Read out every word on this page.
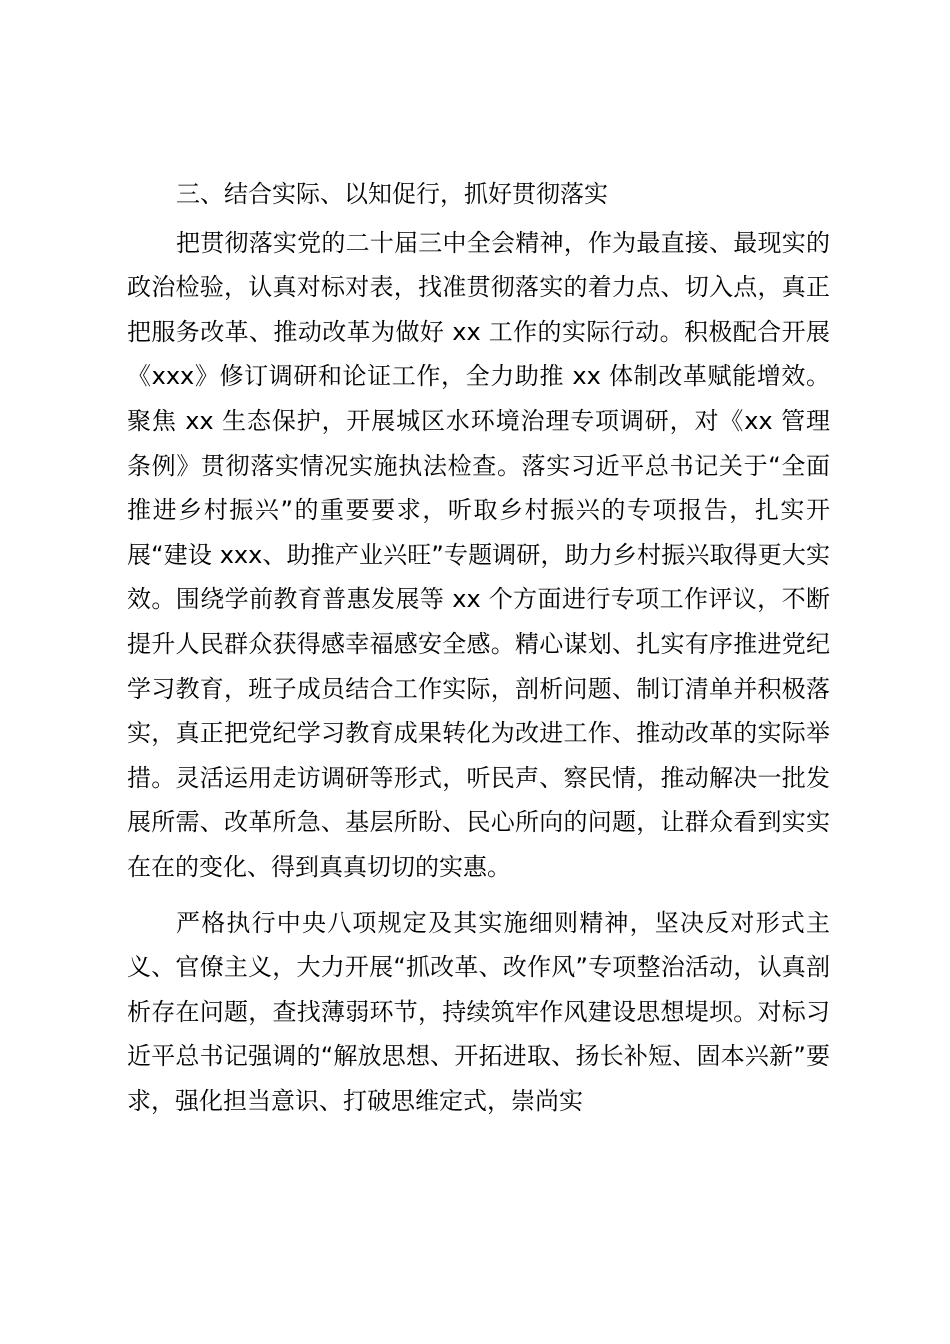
三、结合实际、以知促行，抓好贯彻落实

把贯彻落实党的二十届三中全会精神，作为最直接、最现实的政治检验，认真对标对表，找准贯彻落实的着力点、切入点，真正把服务改革、推动改革为做好 xx 工作的实际行动。积极配合开展《xxx》修订调研和论证工作，全力助推 xx 体制改革赋能增效。聚焦 xx 生态保护，开展城区水环境治理专项调研，对《xx 管理条例》贯彻落实情况实施执法检查。落实习近平总书记关于“全面推进乡村振兴”的重要要求，听取乡村振兴的专项报告，扎实开展“建设 xxx、助推产业兴旺”专题调研，助力乡村振兴取得更大实效。围绕学前教育普惠发展等 xx 个方面进行专项工作评议，不断提升人民群众获得感幸福感安全感。精心谋划、扎实有序推进党纪学习教育，班子成员结合工作实际，剖析问题、制订清单并积极落实，真正把党纪学习教育成果转化为改进工作、推动改革的实际举措。灵活运用走访调研等形式，听民声、察民情，推动解决一批发展所需、改革所急、基层所盼、民心所向的问题，让群众看到实实在在的变化、得到真真切切的实惠。

严格执行中央八项规定及其实施细则精神，坚决反对形式主义、官僚主义，大力开展“抓改革、改作风”专项整治活动，认真剖析存在问题，查找薄弱环节，持续筑牢作风建设思想堤坝。对标习近平总书记强调的“解放思想、开拓进取、扬长补短、固本兴新”要求，强化担当意识、打破思维定式，崇尚实
